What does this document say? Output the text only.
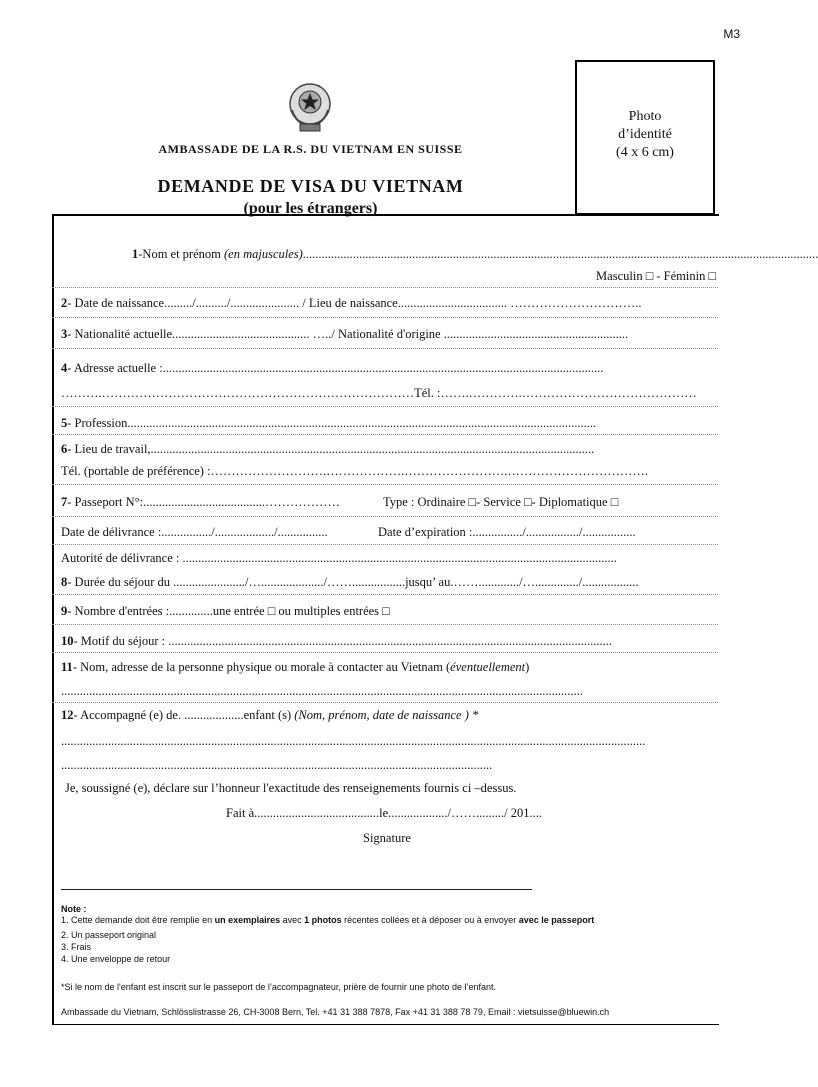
M3
AMBASSADE DE LA R.S. DU VIETNAM EN SUISSE
DEMANDE DE VISA DU VIETNAM
(pour les étrangers)
Photo
d’identité
(4 x 6 cm)
1-Nom et prénom (en majuscules).....................................................................................................................................................................
Masculin □ - Féminin □
2- Date de naissance........./........../...................... / Lieu de naissance................................... …………………………..
3- Nationalité actuelle............................................ …../ Nationalité d'origine ...........................................................
4- Adresse actuelle :.............................................................................................................................................
……….…………………………………………………………………Tél. :…….………….……………………………………
5- Profession......................................................................................................................................................
6- Lieu de travail,..............................................................................................................................................
Tél. (portable de préférence) :……………………….……………….…………………….…………………………….
7- Passeport N°:.......................................………………	Type : Ordinaire □- Service □- Diplomatique □
Date de délivrance :................/.................../................	Date d’expiration :................/................./.................
Autorité de délivrance : ...........................................................................................................................................
8- Durée du séjour du ......................./…..................../…….................jusqu’ au.……............./…............../..................
9- Nombre d'entrées :..............une entrée □ ou multiples entrées □
10- Motif du séjour : ..............................................................................................................................................
11- Nom, adresse de la personne physique ou morale à contacter au Vietnam (éventuellement)
.......................................................................................................................................................................
12- Accompagné (e) de. ...................enfant (s) (Nom, prénom, date de naissance ) *
...........................................................................................................................................................................................
..........................................................................................................................................
Je, soussigné (e), déclare sur l’honneur l'exactitude des renseignements fournis ci –dessus.
Fait à........................................le.................../……........./ 201....
Signature
Note :
1. Cette demande doit être remplie en un exemplaires avec 1 photos récentes collées et à déposer ou à envoyer avec le passeport
2. Un passeport original
3. Frais
4. Une enveloppe de retour
*Si le nom de l'enfant est inscrit sur le passeport de l’accompagnateur, prière de fournir une photo de l’enfant.
Ambassade du Vietnam, Schlösslistrasse 26, CH-3008 Bern, Tel. +41 31 388 7878, Fax +41 31 388 78 79, Email : vietsuisse@bluewin.ch
